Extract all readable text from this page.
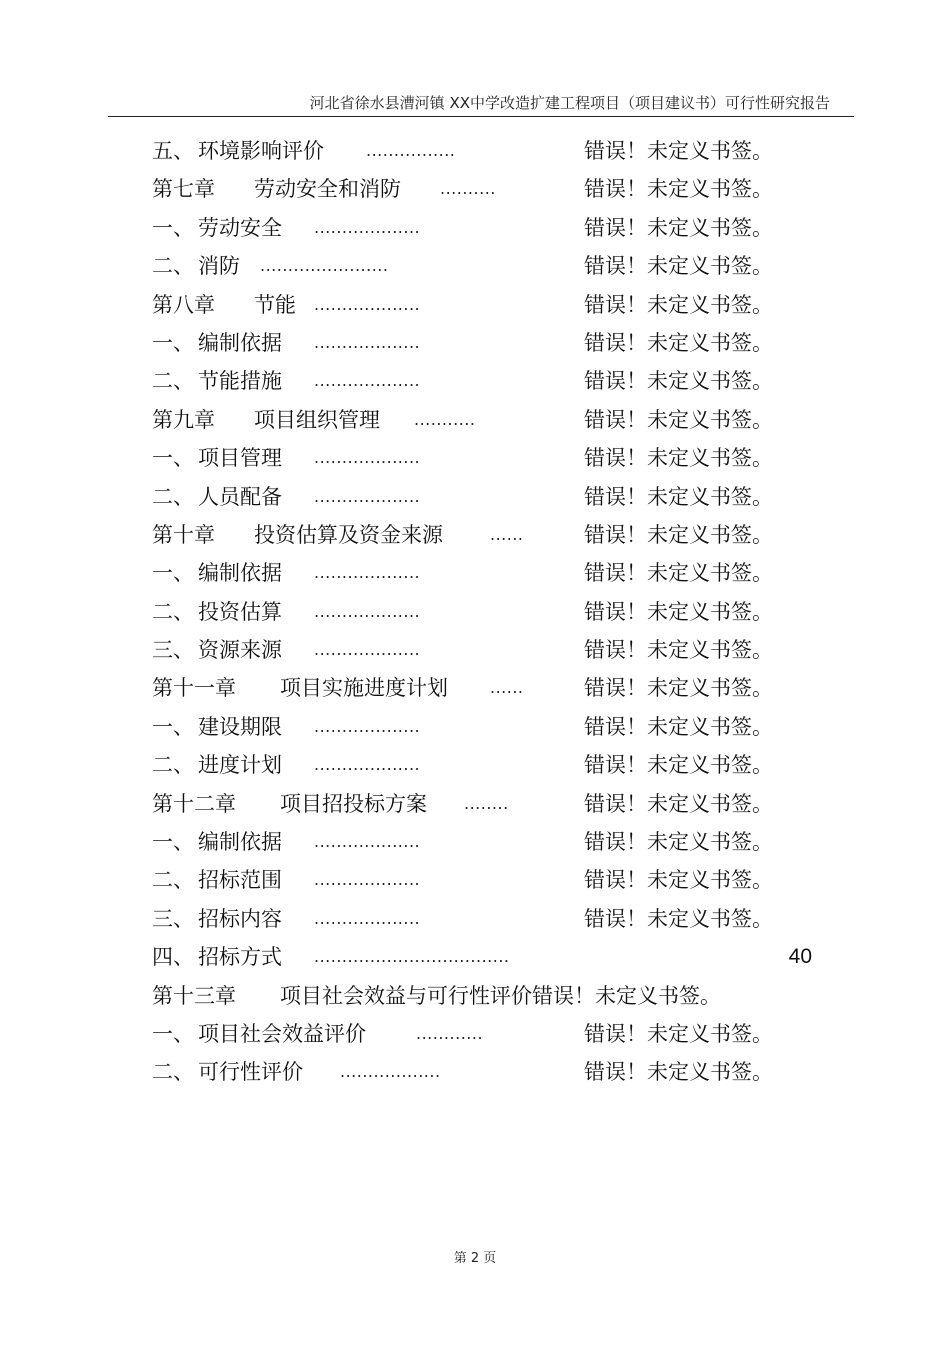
河北省徐水县漕河镇 XX中学改造扩建工程项目（项目建议书）可行性研究报告
五、 环境影响评价	................	错误！未定义书签。
第七章 劳动安全和消防 ..........	错误！未定义书签。
一、 劳动安全 ...................	错误！未定义书签。
二、 消防 .......................	错误！未定义书签。
第八章 节能 ...................	错误！未定义书签。
一、 编制依据 ...................	错误！未定义书签。
二、 节能措施 ...................	错误！未定义书签。
第九章 项目组织管理 ...........	错误！未定义书签。
一、 项目管理 ...................	错误！未定义书签。
二、 人员配备 ...................	错误！未定义书签。
第十章 投资估算及资金来源	......	错误！未定义书签。
一、 编制依据 ...................	错误！未定义书签。
二、 投资估算 ...................	错误！未定义书签。
三、 资源来源 ...................	错误！未定义书签。
第十一章 项目实施进度计划	......	错误！未定义书签。
一、 建设期限 ...................	错误！未定义书签。
二、 进度计划 ...................	错误！未定义书签。
第十二章 项目招投标方案 ........	错误！未定义书签。
一、 编制依据 ...................	错误！未定义书签。
二、 招标范围 ...................	错误！未定义书签。
三、 招标内容 ...................	错误！未定义书签。
四、 招标方式 ...................................	40
第十三章 项目社会效益与可行性评价错误！未定义书签。
一、 项目社会效益评价	............	错误！未定义书签。
二、 可行性评价 ..................	错误！未定义书签。
第 2 页
